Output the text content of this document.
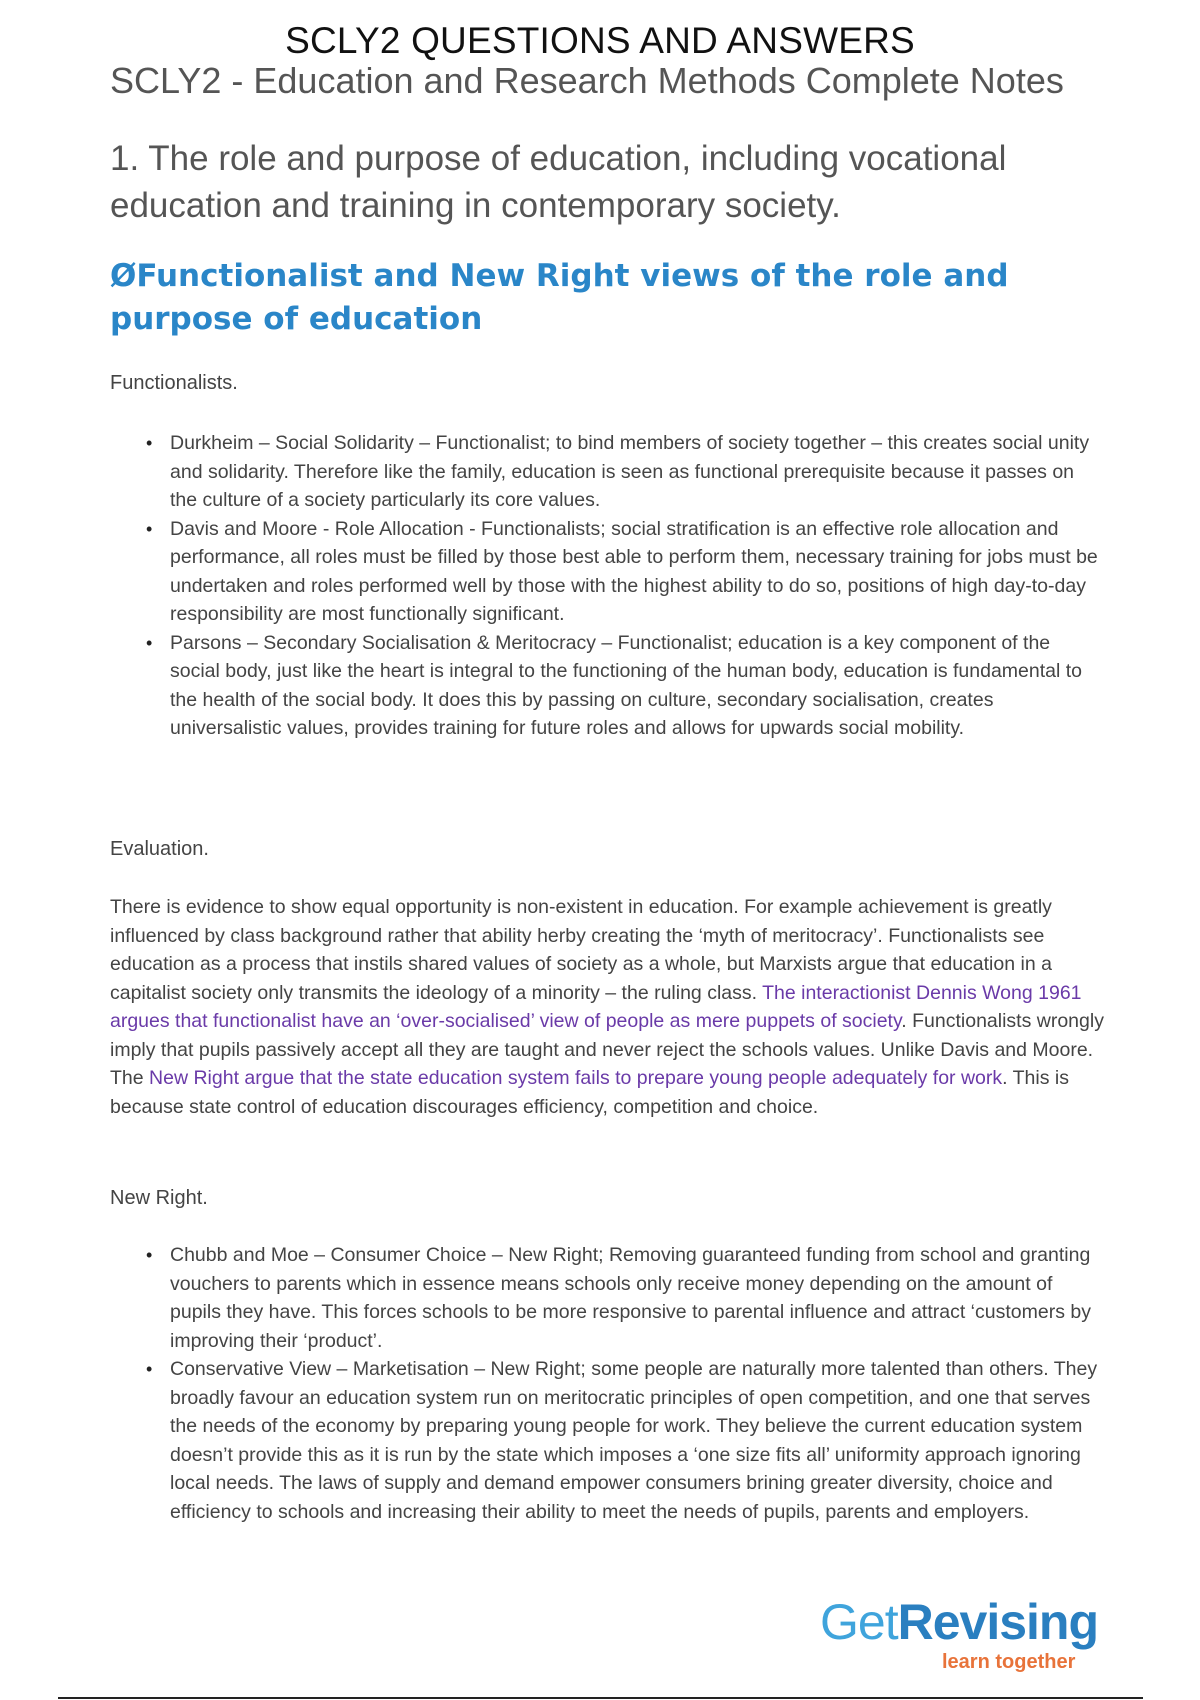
SCLY2 QUESTIONS AND ANSWERS
SCLY2 - Education and Research Methods Complete Notes
1. The role and purpose of education, including vocational education and training in contemporary society.
ØFunctionalist and New Right views of the role and purpose of education
Functionalists.
• Durkheim – Social Solidarity – Functionalist; to bind members of society together – this creates social unity and solidarity. Therefore like the family, education is seen as functional prerequisite because it passes on the culture of a society particularly its core values.
• Davis and Moore - Role Allocation - Functionalists; social stratification is an effective role allocation and performance, all roles must be filled by those best able to perform them, necessary training for jobs must be undertaken and roles performed well by those with the highest ability to do so, positions of high day-to-day responsibility are most functionally significant.
• Parsons – Secondary Socialisation & Meritocracy – Functionalist; education is a key component of the social body, just like the heart is integral to the functioning of the human body, education is fundamental to the health of the social body. It does this by passing on culture, secondary socialisation, creates universalistic values, provides training for future roles and allows for upwards social mobility.
Evaluation.
There is evidence to show equal opportunity is non-existent in education. For example achievement is greatly influenced by class background rather that ability herby creating the ‘myth of meritocracy’. Functionalists see education as a process that instils shared values of society as a whole, but Marxists argue that education in a capitalist society only transmits the ideology of a minority – the ruling class. The interactionist Dennis Wong 1961 argues that functionalist have an ‘over-socialised’ view of people as mere puppets of society. Functionalists wrongly imply that pupils passively accept all they are taught and never reject the schools values. Unlike Davis and Moore. The New Right argue that the state education system fails to prepare young people adequately for work. This is because state control of education discourages efficiency, competition and choice.
New Right.
• Chubb and Moe – Consumer Choice – New Right; Removing guaranteed funding from school and granting vouchers to parents which in essence means schools only receive money depending on the amount of pupils they have. This forces schools to be more responsive to parental influence and attract ‘customers by improving their ‘product’.
• Conservative View – Marketisation – New Right; some people are naturally more talented than others. They broadly favour an education system run on meritocratic principles of open competition, and one that serves the needs of the economy by preparing young people for work. They believe the current education system doesn’t provide this as it is run by the state which imposes a ‘one size fits all’ uniformity approach ignoring local needs. The laws of supply and demand empower consumers brining greater diversity, choice and efficiency to schools and increasing their ability to meet the needs of pupils, parents and employers.
GetRevising
learn together
